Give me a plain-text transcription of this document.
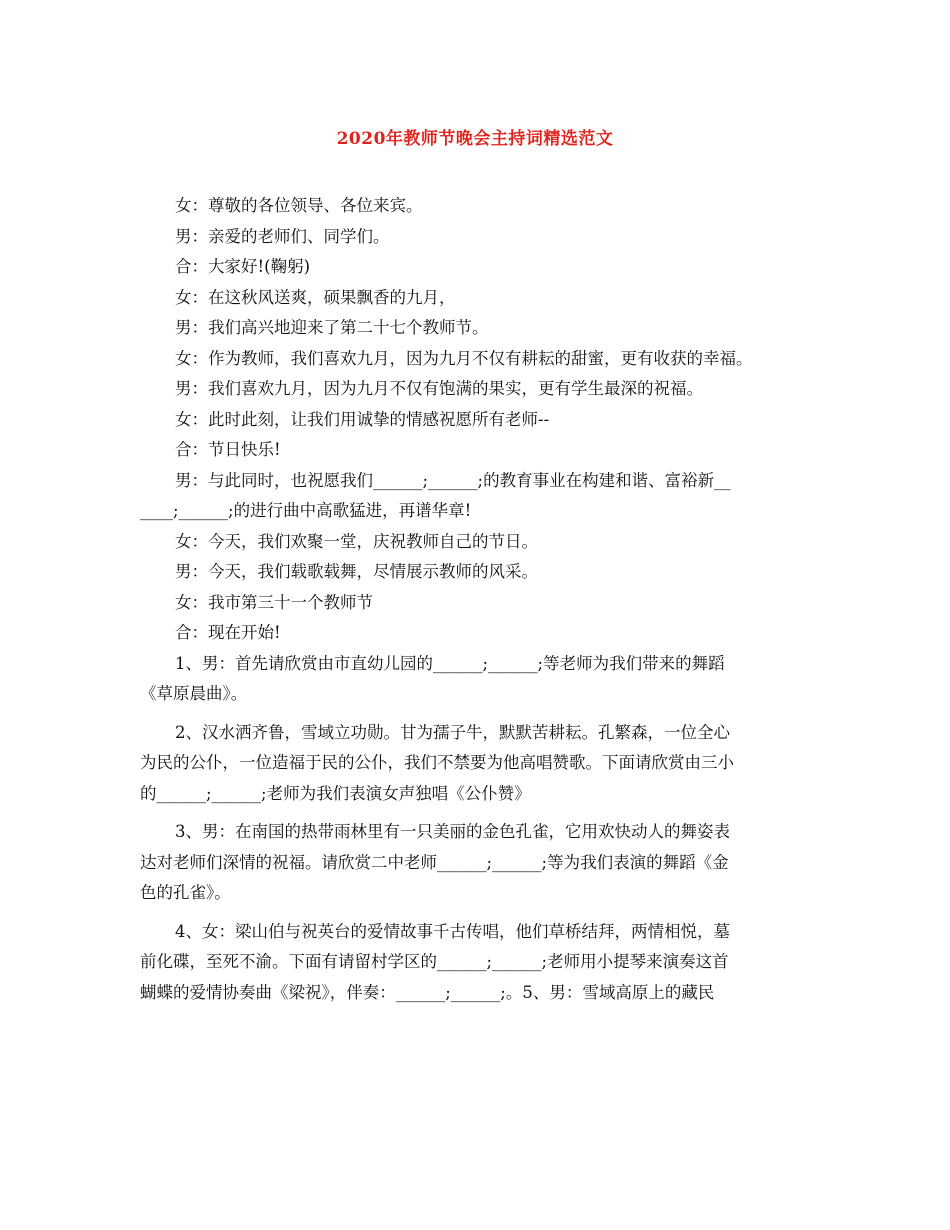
2020年教师节晚会主持词精选范文
女：尊敬的各位领导、各位来宾。
男：亲爱的老师们、同学们。
合：大家好!(鞠躬)
女：在这秋风送爽，硕果飘香的九月，
男：我们高兴地迎来了第二十七个教师节。
女：作为教师，我们喜欢九月，因为九月不仅有耕耘的甜蜜，更有收获的幸福。
男：我们喜欢九月，因为九月不仅有饱满的果实，更有学生最深的祝福。
女：此时此刻，让我们用诚挚的情感祝愿所有老师--
合：节日快乐!
男：与此同时，也祝愿我们______;______;的教育事业在构建和谐、富裕新__
____;______;的进行曲中高歌猛进，再谱华章!
女：今天，我们欢聚一堂，庆祝教师自己的节日。
男：今天，我们载歌载舞，尽情展示教师的风采。
女：我市第三十一个教师节
合：现在开始!
1、男：首先请欣赏由市直幼儿园的______;______;等老师为我们带来的舞蹈
《草原晨曲》。
2、汉水洒齐鲁，雪域立功勋。甘为孺子牛，默默苦耕耘。孔繁森，一位全心
为民的公仆，一位造福于民的公仆，我们不禁要为他高唱赞歌。下面请欣赏由三小
的______;______;老师为我们表演女声独唱《公仆赞》
3、男：在南国的热带雨林里有一只美丽的金色孔雀，它用欢快动人的舞姿表
达对老师们深情的祝福。请欣赏二中老师______;______;等为我们表演的舞蹈《金
色的孔雀》。
4、女：梁山伯与祝英台的爱情故事千古传唱，他们草桥结拜，两情相悦，墓
前化碟，至死不渝。下面有请留村学区的______;______;老师用小提琴来演奏这首
蝴蝶的爱情协奏曲《梁祝》，伴奏：______;______;。5、男：雪域高原上的藏民
